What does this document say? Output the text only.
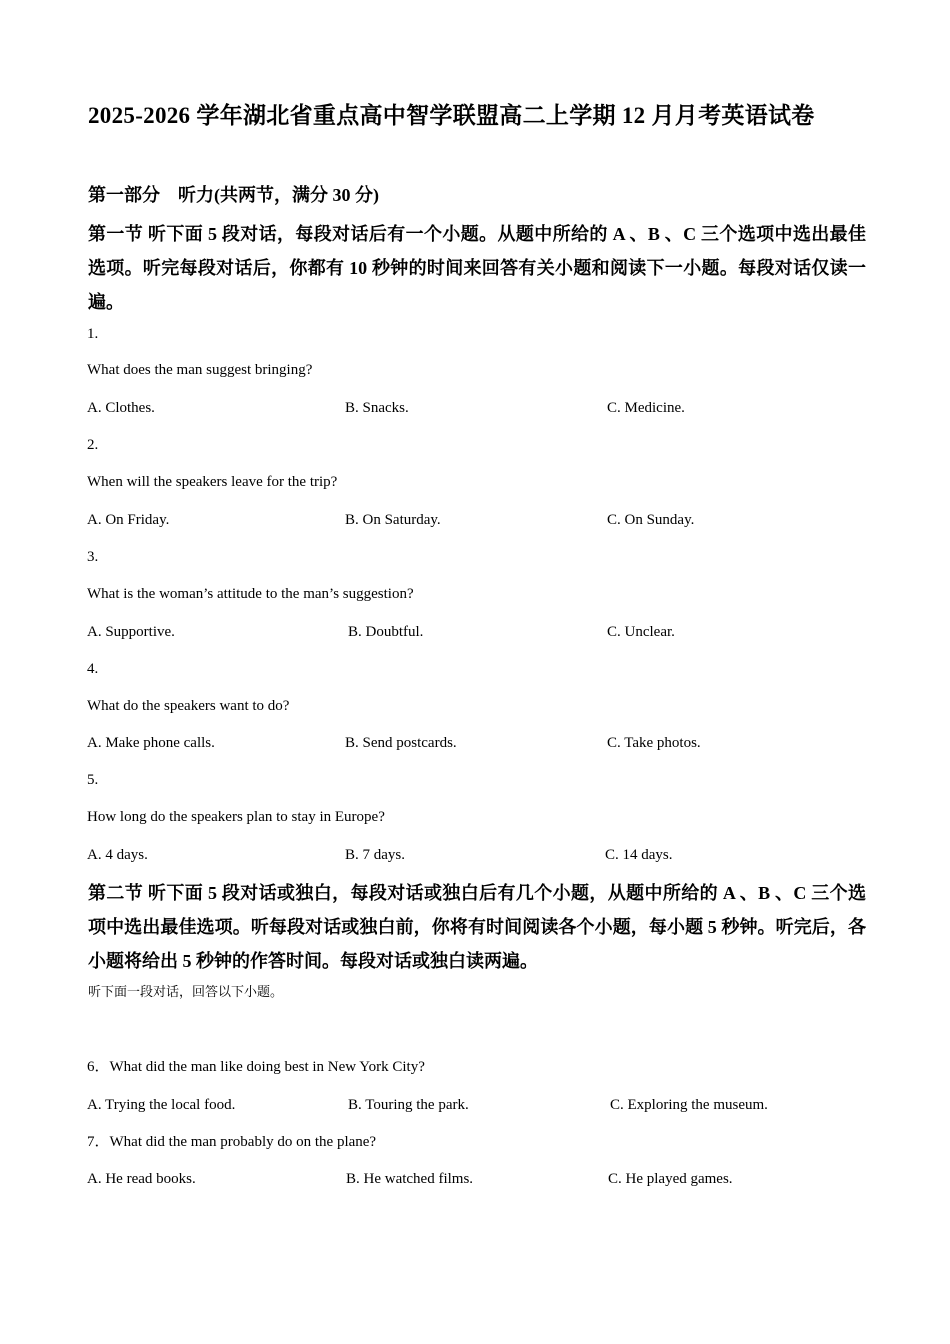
2025-2026 学年湖北省重点高中智学联盟高二上学期 12 月月考英语试卷
第一部分　听力(共两节，满分 30 分)
第一节 听下面 5 段对话，每段对话后有一个小题。从题中所给的 A 、B 、C 三个选项中选出最佳选项。听完每段对话后，你都有 10 秒钟的时间来回答有关小题和阅读下一小题。每段对话仅读一遍。
1.
What does the man suggest bringing?
A. Clothes.	B. Snacks.	C. Medicine.
2.
When will the speakers leave for the trip?
A. On Friday.	B. On Saturday.	C. On Sunday.
3.
What is the woman’s attitude to the man’s suggestion?
A. Supportive.	B. Doubtful.	C. Unclear.
4.
What do the speakers want to do?
A. Make phone calls.	B. Send postcards.	C. Take photos.
5.
How long do the speakers plan to stay in Europe?
A. 4 days.	B. 7 days.	C. 14 days.
第二节 听下面 5 段对话或独白，每段对话或独白后有几个小题，从题中所给的 A 、B 、C 三个选项中选出最佳选项。听每段对话或独白前，你将有时间阅读各个小题，每小题 5 秒钟。听完后，各小题将给出 5 秒钟的作答时间。每段对话或独白读两遍。
听下面一段对话，回答以下小题。
6．What did the man like doing best in New York City?
A. Trying the local food.	B. Touring the park.	C. Exploring the museum.
7．What did the man probably do on the plane?
A. He read books.	B. He watched films.	C. He played games.
